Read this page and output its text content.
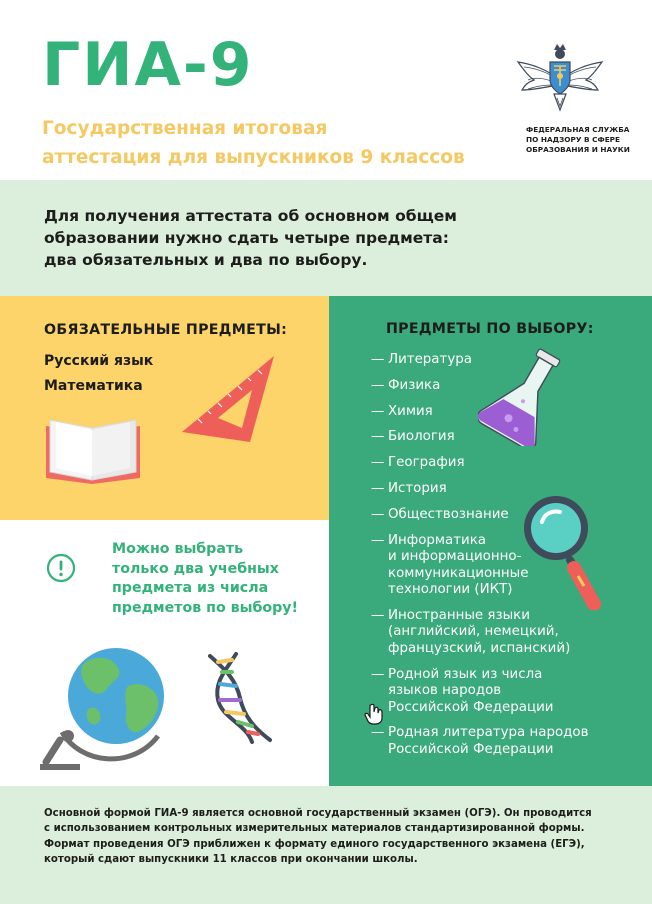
ГИА-9
Государственная итоговая
аттестация для выпускников 9 классов
ФЕДЕРАЛЬНАЯ СЛУЖБА
ПО НАДЗОРУ В СФЕРЕ
ОБРАЗОВАНИЯ И НАУКИ
Для получения аттестата об основном общем
образовании нужно сдать четыре предмета:
два обязательных и два по выбору.
ОБЯЗАТЕЛЬНЫЕ ПРЕДМЕТЫ:
Русский язык
Математика
Можно выбрать
только два учебных
предмета из числа
предметов по выбору!
ПРЕДМЕТЫ ПО ВЫБОРУ:
— Литература
— Физика
— Химия
— Биология
— География
— История
— Обществознание
— Информатика
и информационно-
коммуникационные
технологии (ИКТ)
— Иностранные языки
(английский, немецкий,
французский, испанский)
— Родной язык из числа
языков народов
Российской Федерации
— Родная литература народов
Российской Федерации
Основной формой ГИА-9 является основной государственный экзамен (ОГЭ). Он проводится
с использованием контрольных измерительных материалов стандартизированной формы.
Формат проведения ОГЭ приближен к формату единого государственного экзамена (ЕГЭ),
который сдают выпускники 11 классов при окончании школы.
